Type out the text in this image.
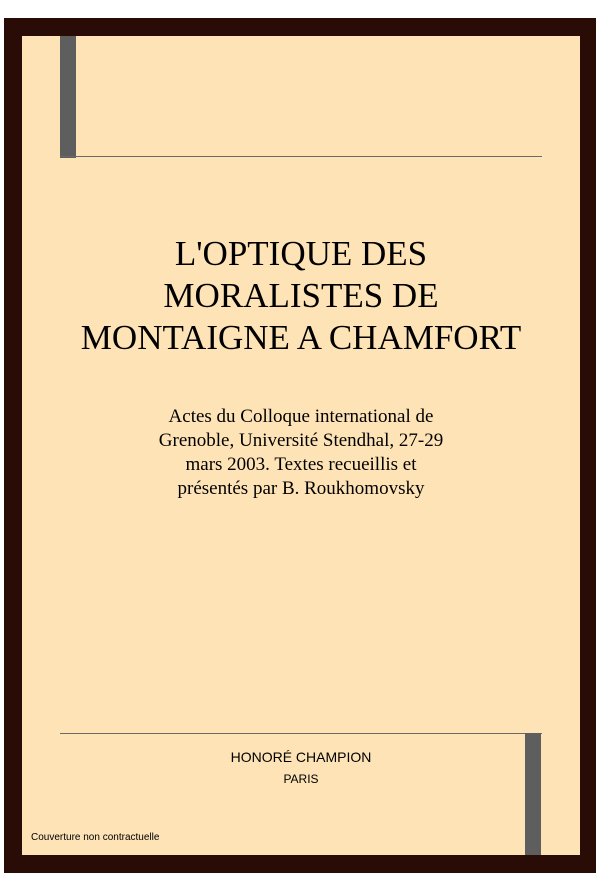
L'OPTIQUE DES
MORALISTES DE
MONTAIGNE A CHAMFORT

Actes du Colloque international de
Grenoble, Université Stendhal, 27-29
mars 2003. Textes recueillis et
présentés par B. Roukhomovsky

HONORÉ CHAMPION

PARIS

Couverture non contractuelle
